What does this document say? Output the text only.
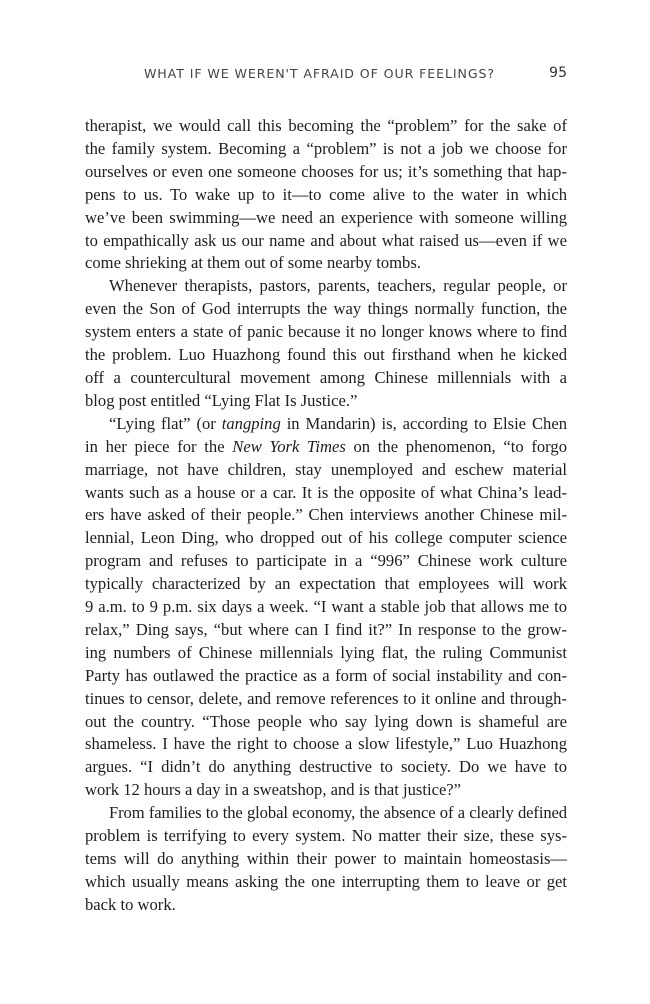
WHAT IF WE WEREN'T AFRAID OF OUR FEELINGS?	95
therapist, we would call this becoming the “problem” for the sake of
the family system. Becoming a “problem” is not a job we choose for
ourselves or even one someone chooses for us; it’s something that hap-
pens to us. To wake up to it—to come alive to the water in which
we’ve been swimming—we need an experience with someone willing
to empathically ask us our name and about what raised us—even if we
come shrieking at them out of some nearby tombs.
Whenever therapists, pastors, parents, teachers, regular people, or
even the Son of God interrupts the way things normally function, the
system enters a state of panic because it no longer knows where to find
the problem. Luo Huazhong found this out firsthand when he kicked
off a countercultural movement among Chinese millennials with a
blog post entitled “Lying Flat Is Justice.”
“Lying flat” (or tangping in Mandarin) is, according to Elsie Chen
in her piece for the New York Times on the phenomenon, “to forgo
marriage, not have children, stay unemployed and eschew material
wants such as a house or a car. It is the opposite of what China’s lead-
ers have asked of their people.” Chen interviews another Chinese mil-
lennial, Leon Ding, who dropped out of his college computer science
program and refuses to participate in a “996” Chinese work culture
typically characterized by an expectation that employees will work
9 a.m. to 9 p.m. six days a week. “I want a stable job that allows me to
relax,” Ding says, “but where can I find it?” In response to the grow-
ing numbers of Chinese millennials lying flat, the ruling Communist
Party has outlawed the practice as a form of social instability and con-
tinues to censor, delete, and remove references to it online and through-
out the country. “Those people who say lying down is shameful are
shameless. I have the right to choose a slow lifestyle,” Luo Huazhong
argues. “I didn’t do anything destructive to society. Do we have to
work 12 hours a day in a sweatshop, and is that justice?”
From families to the global economy, the absence of a clearly defined
problem is terrifying to every system. No matter their size, these sys-
tems will do anything within their power to maintain homeostasis—
which usually means asking the one interrupting them to leave or get
back to work.
